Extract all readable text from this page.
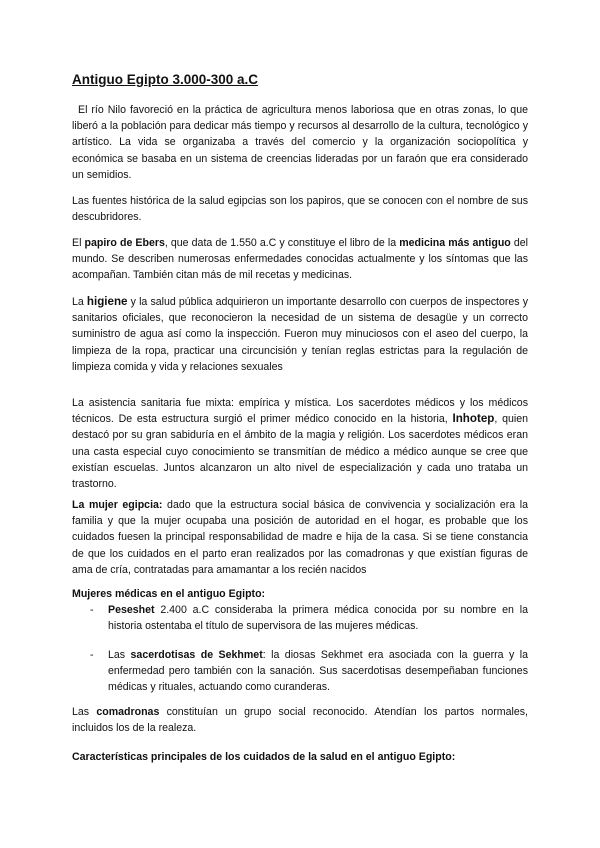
Antiguo Egipto 3.000-300 a.C

El río Nilo favoreció en la práctica de agricultura menos laboriosa que en otras zonas, lo que liberó a la población para dedicar más tiempo y recursos al desarrollo de la cultura, tecnológico y artístico. La vida se organizaba a través del comercio y la organización sociopolítica y económica se basaba en un sistema de creencias lideradas por un faraón que era considerado un semidios.

Las fuentes histórica de la salud egipcias son los papiros, que se conocen con el nombre de sus descubridores.

El papiro de Ebers, que data de 1.550 a.C y constituye el libro de la medicina más antiguo del mundo. Se describen numerosas enfermedades conocidas actualmente y los síntomas que las acompañan. También citan más de mil recetas y medicinas.

La higiene y la salud pública adquirieron un importante desarrollo con cuerpos de inspectores y sanitarios oficiales, que reconocieron la necesidad de un sistema de desagüe y un correcto suministro de agua así como la inspección. Fueron muy minuciosos con el aseo del cuerpo, la limpieza de la ropa, practicar una circuncisión y tenían reglas estrictas para la regulación de limpieza comida y vida y relaciones sexuales

La asistencia sanitaria fue mixta: empírica y mística. Los sacerdotes médicos y los médicos técnicos. De esta estructura surgió el primer médico conocido en la historia, Inhotep, quien destacó por su gran sabiduría en el ámbito de la magia y religión. Los sacerdotes médicos eran una casta especial cuyo conocimiento se transmitían de médico a médico aunque se cree que existían escuelas. Juntos alcanzaron un alto nivel de especialización y cada uno trataba un trastorno.

La mujer egipcia: dado que la estructura social básica de convivencia y socialización era la familia y que la mujer ocupaba una posición de autoridad en el hogar, es probable que los cuidados fuesen la principal responsabilidad de madre e hija de la casa. Si se tiene constancia de que los cuidados en el parto eran realizados por las comadronas y que existían figuras de ama de cría, contratadas para amamantar a los recién nacidos

Mujeres médicas en el antiguo Egipto:
- Peseshet 2.400 a.C consideraba la primera médica conocida por su nombre en la historia ostentaba el título de supervisora de las mujeres médicas.
- Las sacerdotisas de Sekhmet: la diosas Sekhmet era asociada con la guerra y la enfermedad pero también con la sanación. Sus sacerdotisas desempeñaban funciones médicas y rituales, actuando como curanderas.

Las comadronas constituían un grupo social reconocido. Atendían los partos normales, incluidos los de la realeza.

Características principales de los cuidados de la salud en el antiguo Egipto:
